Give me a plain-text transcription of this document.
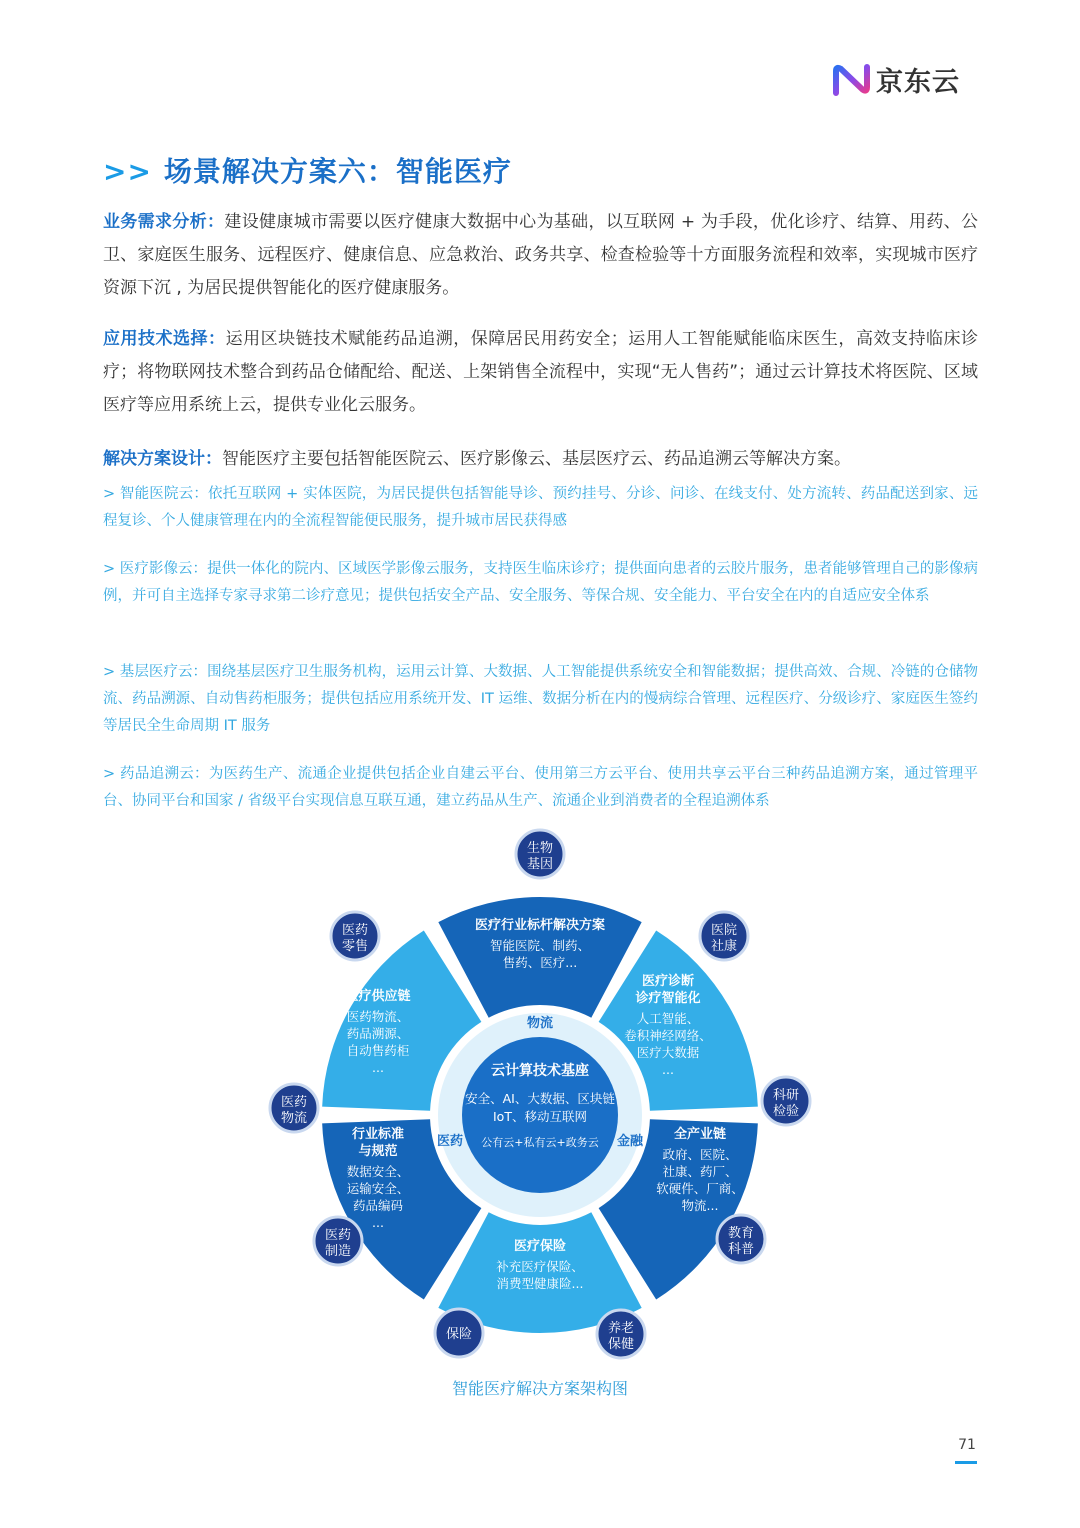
京东云
>> 场景解决方案六：智能医疗
业务需求分析：建设健康城市需要以医疗健康大数据中心为基础，以互联网 + 为手段，优化诊疗、结算、用药、公卫、家庭医生服务、远程医疗、健康信息、应急救治、政务共享、检查检验等十方面服务流程和效率，实现城市医疗资源下沉 , 为居民提供智能化的医疗健康服务。
应用技术选择：运用区块链技术赋能药品追溯，保障居民用药安全；运用人工智能赋能临床医生，高效支持临床诊疗；将物联网技术整合到药品仓储配给、配送、上架销售全流程中，实现“无人售药”；通过云计算技术将医院、区域医疗等应用系统上云，提供专业化云服务。
解决方案设计：智能医疗主要包括智能医院云、医疗影像云、基层医疗云、药品追溯云等解决方案。
> 智能医院云：依托互联网 + 实体医院，为居民提供包括智能导诊、预约挂号、分诊、问诊、在线支付、处方流转、药品配送到家、远程复诊、个人健康管理在内的全流程智能便民服务，提升城市居民获得感
> 医疗影像云：提供一体化的院内、区域医学影像云服务，支持医生临床诊疗；提供面向患者的云胶片服务，患者能够管理自己的影像病例，并可自主选择专家寻求第二诊疗意见；提供包括安全产品、安全服务、等保合规、安全能力、平台安全在内的自适应安全体系
> 基层医疗云：围绕基层医疗卫生服务机构，运用云计算、大数据、人工智能提供系统安全和智能数据；提供高效、合规、冷链的仓储物流、药品溯源、自动售药柜服务；提供包括应用系统开发、IT 运维、数据分析在内的慢病综合管理、远程医疗、分级诊疗、家庭医生签约等居民全生命周期 IT 服务
> 药品追溯云：为医药生产、流通企业提供包括企业自建云平台、使用第三方云平台、使用共享云平台三种药品追溯方案，通过管理平台、协同平台和国家 / 省级平台实现信息互联互通，建立药品从生产、流通企业到消费者的全程追溯体系
物流
医药	金融
云计算技术基座
安全、AI、大数据、区块链
IoT、移动互联网
公有云+私有云+政务云
医疗行业标杆解决方案
智能医院、制药、
售药、医疗...
医疗诊断
诊疗智能化
人工智能、
卷积神经网络、
医疗大数据
...
全产业链
政府、医院、
社康、药厂、
软硬件、厂商、
物流...
医疗保险
补充医疗保险、
消费型健康险...
行业标准
与规范
数据安全、
运输安全、
药品编码
...
医疗供应链
医药物流、
药品溯源、
自动售药柜
...
生物
基因
医院
社康
科研
检验
教育
科普
养老
保健
保险
医药
制造
医药
物流
医药
零售
智能医疗解决方案架构图
71
